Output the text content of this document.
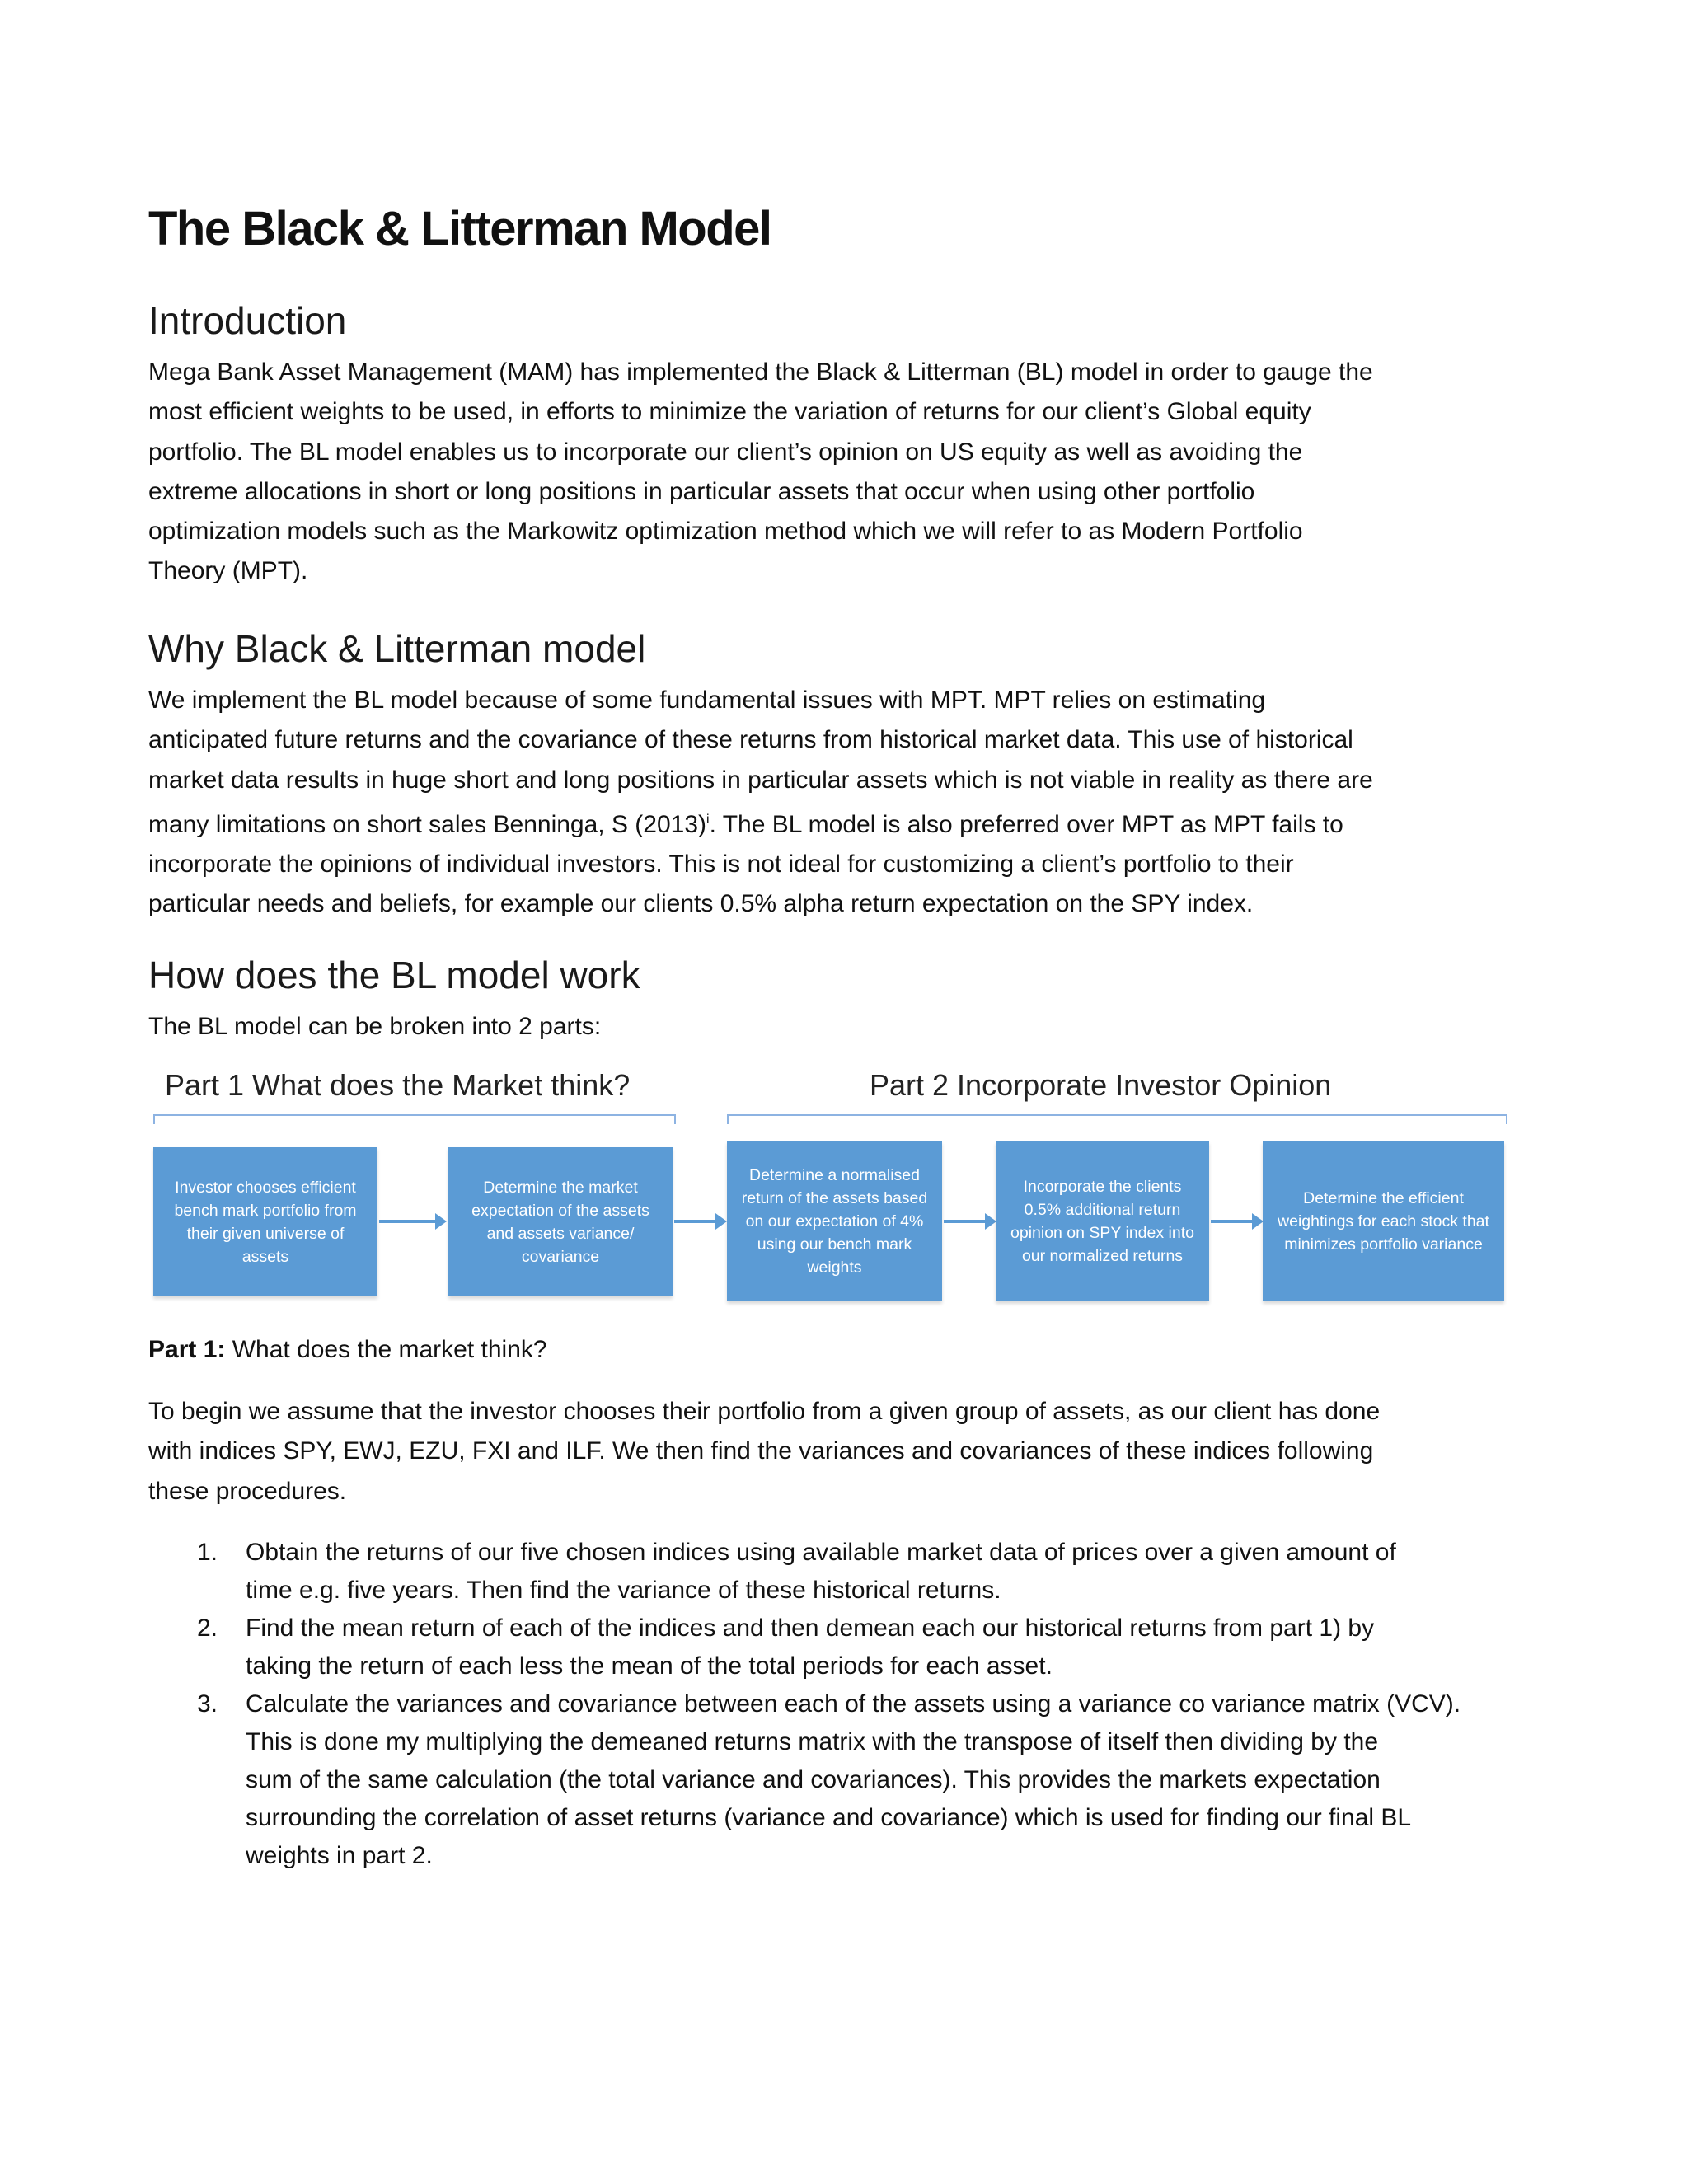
The Black & Litterman Model
Introduction
Mega Bank Asset Management (MAM) has implemented the Black & Litterman (BL) model in order to gauge the
most efficient weights to be used, in efforts to minimize the variation of returns for our client’s Global equity
portfolio. The BL model enables us to incorporate our client’s opinion on US equity as well as avoiding the
extreme allocations in short or long positions in particular assets that occur when using other portfolio
optimization models such as the Markowitz optimization method which we will refer to as Modern Portfolio
Theory (MPT).
Why Black & Litterman model
We implement the BL model because of some fundamental issues with MPT. MPT relies on estimating
anticipated future returns and the covariance of these returns from historical market data. This use of historical
market data results in huge short and long positions in particular assets which is not viable in reality as there are
many limitations on short sales Benninga, S $(2013)^i$. The BL model is also preferred over MPT as MPT fails to
incorporate the opinions of individual investors. This is not ideal for customizing a client’s portfolio to their
particular needs and beliefs, for example our clients 0.5% alpha return expectation on the SPY index.
How does the BL model work
The BL model can be broken into 2 parts:
Part 1 What does the Market think?	Part 2 Incorporate Investor Opinion
Investor chooses efficient bench mark portfolio from their given universe of assets
Determine the market expectation of the assets and assets variance/ covariance
Determine a normalised return of the assets based on our expectation of 4% using our bench mark weights
Incorporate the clients 0.5% additional return opinion on SPY index into our normalized returns
Determine the efficient weightings for each stock that minimizes portfolio variance
Part 1: What does the market think?
To begin we assume that the investor chooses their portfolio from a given group of assets, as our client has done
with indices SPY, EWJ, EZU, FXI and ILF. We then find the variances and covariances of these indices following
these procedures.
1. Obtain the returns of our five chosen indices using available market data of prices over a given amount of
time e.g. five years. Then find the variance of these historical returns.
2. Find the mean return of each of the indices and then demean each our historical returns from part 1) by
taking the return of each less the mean of the total periods for each asset.
3. Calculate the variances and covariance between each of the assets using a variance co variance matrix (VCV).
This is done my multiplying the demeaned returns matrix with the transpose of itself then dividing by the
sum of the same calculation (the total variance and covariances). This provides the markets expectation
surrounding the correlation of asset returns (variance and covariance) which is used for finding our final BL
weights in part 2.
